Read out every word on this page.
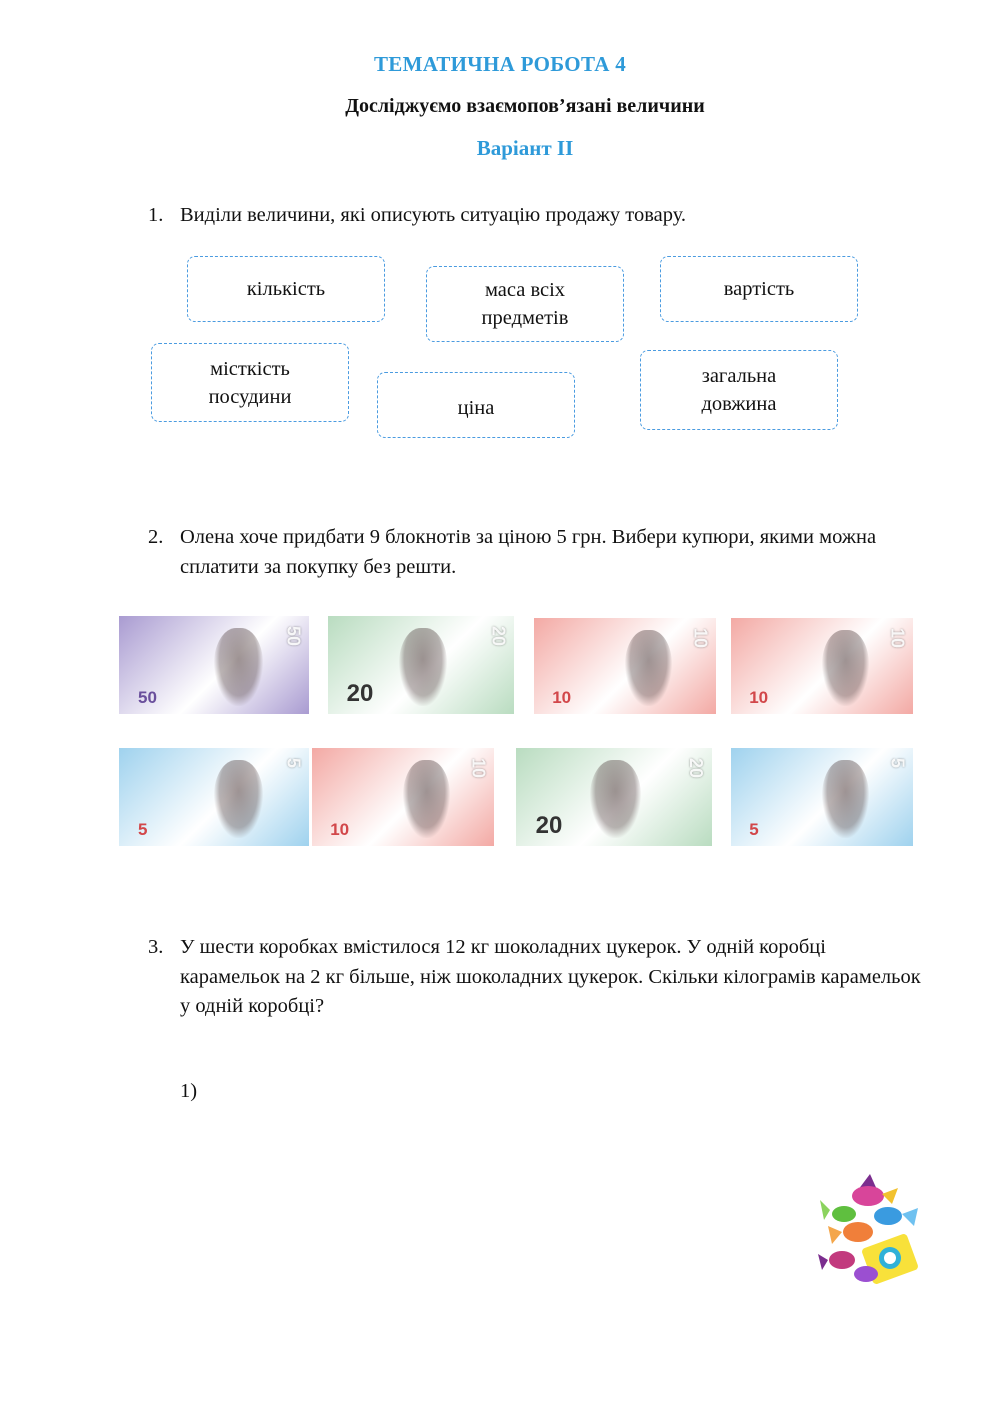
ТЕМАТИЧНА РОБОТА 4
Досліджуємо взаємопов’язані величини
Варіант ІІ
1. Виділи величини, які описують ситуацію продажу товару.
кількість	маса всіх предметів
вартість
місткість посудини
ціна
загальна довжина
2. Олена хоче придбати 9 блокнотів за ціною 5 грн. Вибери купюри, якими можна сплатити за покупку без решти.
50
50
20
20
10
10
10
10
5
5
10
10
20
20
5
5
3. У шести коробках вмістилося 12 кг шоколадних цукерок. У одній коробці карамельок на 2 кг більше, ніж шоколадних цукерок. Скільки кілограмів карамельок у одній коробці?
1)
